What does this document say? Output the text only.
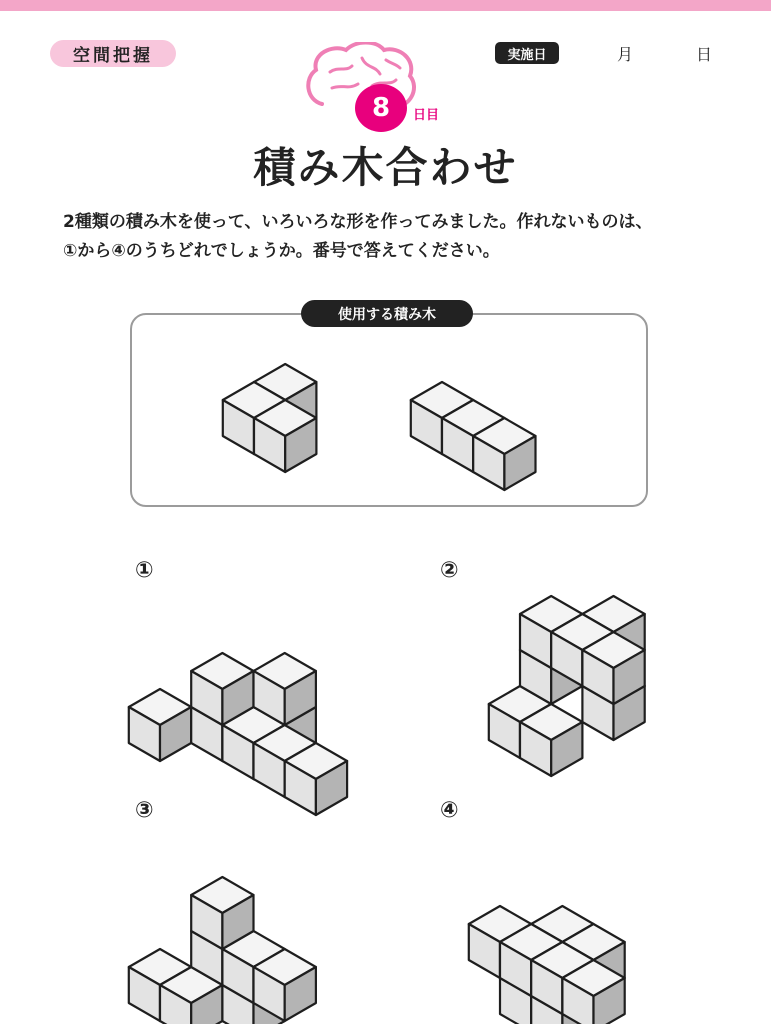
空間把握
8	日目
実施日	月	日
積み木合わせ
2種類の積み木を使って、いろいろな形を作ってみました。作れないものは、
①から④のうちどれでしょうか。番号で答えてください。
使用する積み木
①	②
③	④
